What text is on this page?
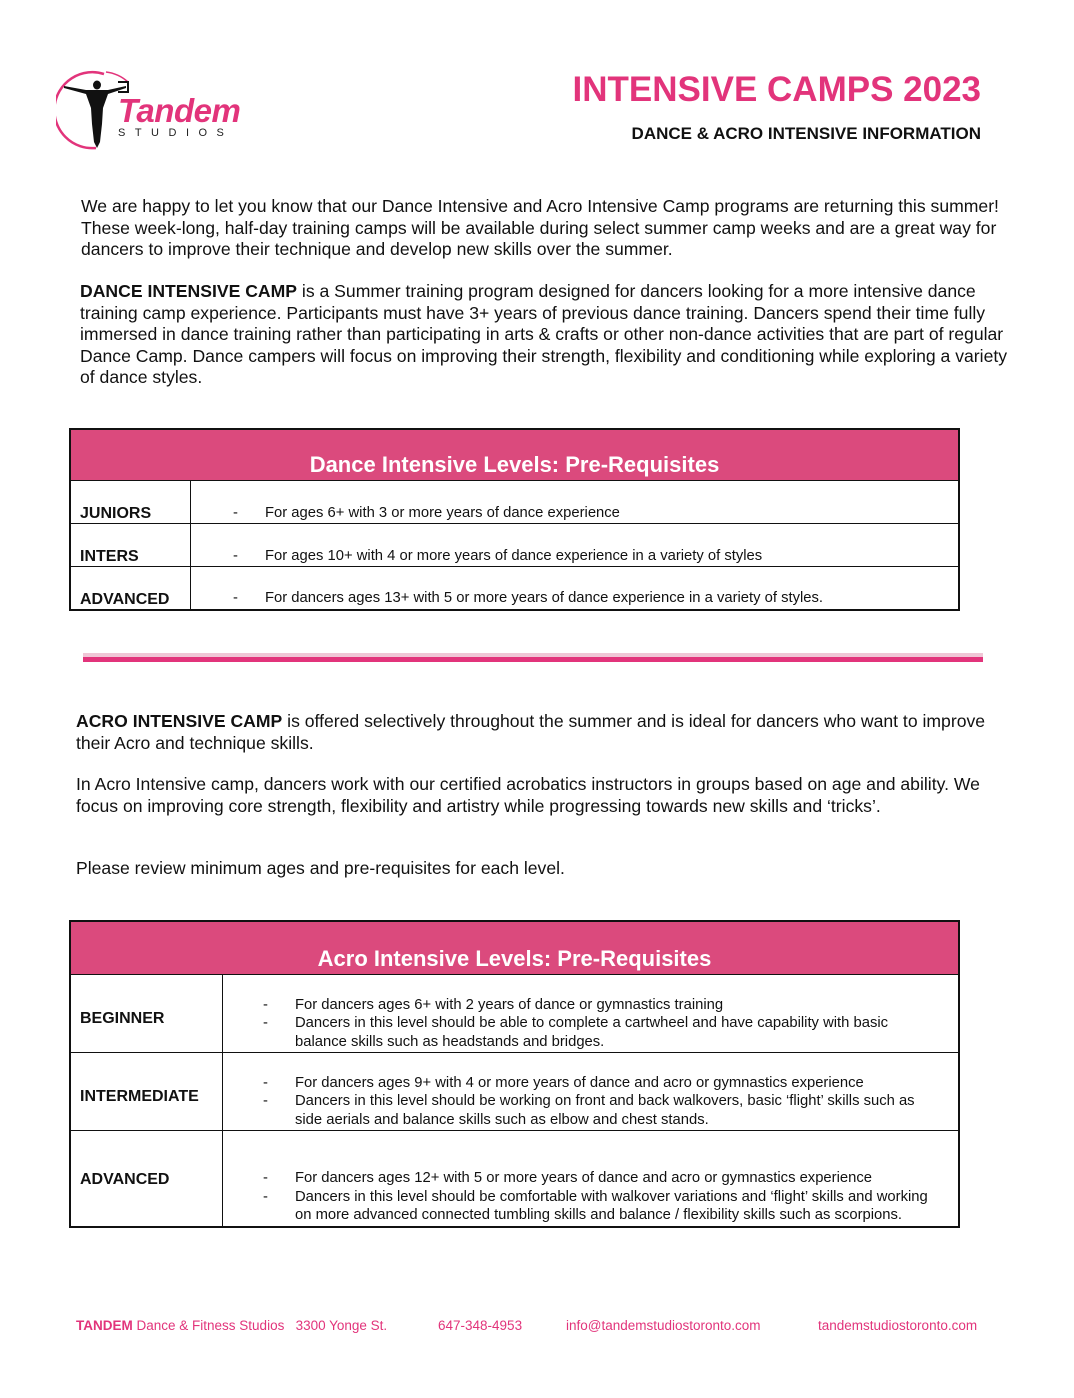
Tandem
STUDIOS
INTENSIVE CAMPS 2023
DANCE & ACRO INTENSIVE INFORMATION

We are happy to let you know that our Dance Intensive and Acro Intensive Camp programs are returning this summer! These week-long, half-day training camps will be available during select summer camp weeks and are a great way for dancers to improve their technique and develop new skills over the summer.

DANCE INTENSIVE CAMP is a Summer training program designed for dancers looking for a more intensive dance training camp experience. Participants must have 3+ years of previous dance training. Dancers spend their time fully immersed in dance training rather than participating in arts & crafts or other non-dance activities that are part of regular Dance Camp. Dance campers will focus on improving their strength, flexibility and conditioning while exploring a variety of dance styles.

Dance Intensive Levels: Pre-Requisites	
JUNIORS	- For ages 6+ with 3 or more years of dance experience

INTERS	- For ages 10+ with 4 or more years of dance experience in a variety of styles

ADVANCED	- For dancers ages 13+ with 5 or more years of dance experience in a variety of styles.

ACRO INTENSIVE CAMP is offered selectively throughout the summer and is ideal for dancers who want to improve their Acro and technique skills.

In Acro Intensive camp, dancers work with our certified acrobatics instructors in groups based on age and ability. We focus on improving core strength, flexibility and artistry while progressing towards new skills and ‘tricks’.

Please review minimum ages and pre-requisites for each level.

Acro Intensive Levels: Pre-Requisites	
BEGINNER	- For dancers ages 6+ with 2 years of dance or gymnastics training
- Dancers in this level should be able to complete a cartwheel and have capability with basic balance skills such as headstands and bridges.

INTERMEDIATE	- For dancers ages 9+ with 4 or more years of dance and acro or gymnastics experience
- Dancers in this level should be working on front and back walkovers, basic ‘flight’ skills such as side aerials and balance skills such as elbow and chest stands.

ADVANCED	- For dancers ages 12+ with 5 or more years of dance and acro or gymnastics experience
- Dancers in this level should be comfortable with walkover variations and ‘flight’ skills and working on more advanced connected tumbling skills and balance / flexibility skills such as scorpions.
TANDEM Dance & Fitness Studios   3300 Yonge St.	647-348-4953	info@tandemstudiostoronto.com	tandemstudiostoronto.com
